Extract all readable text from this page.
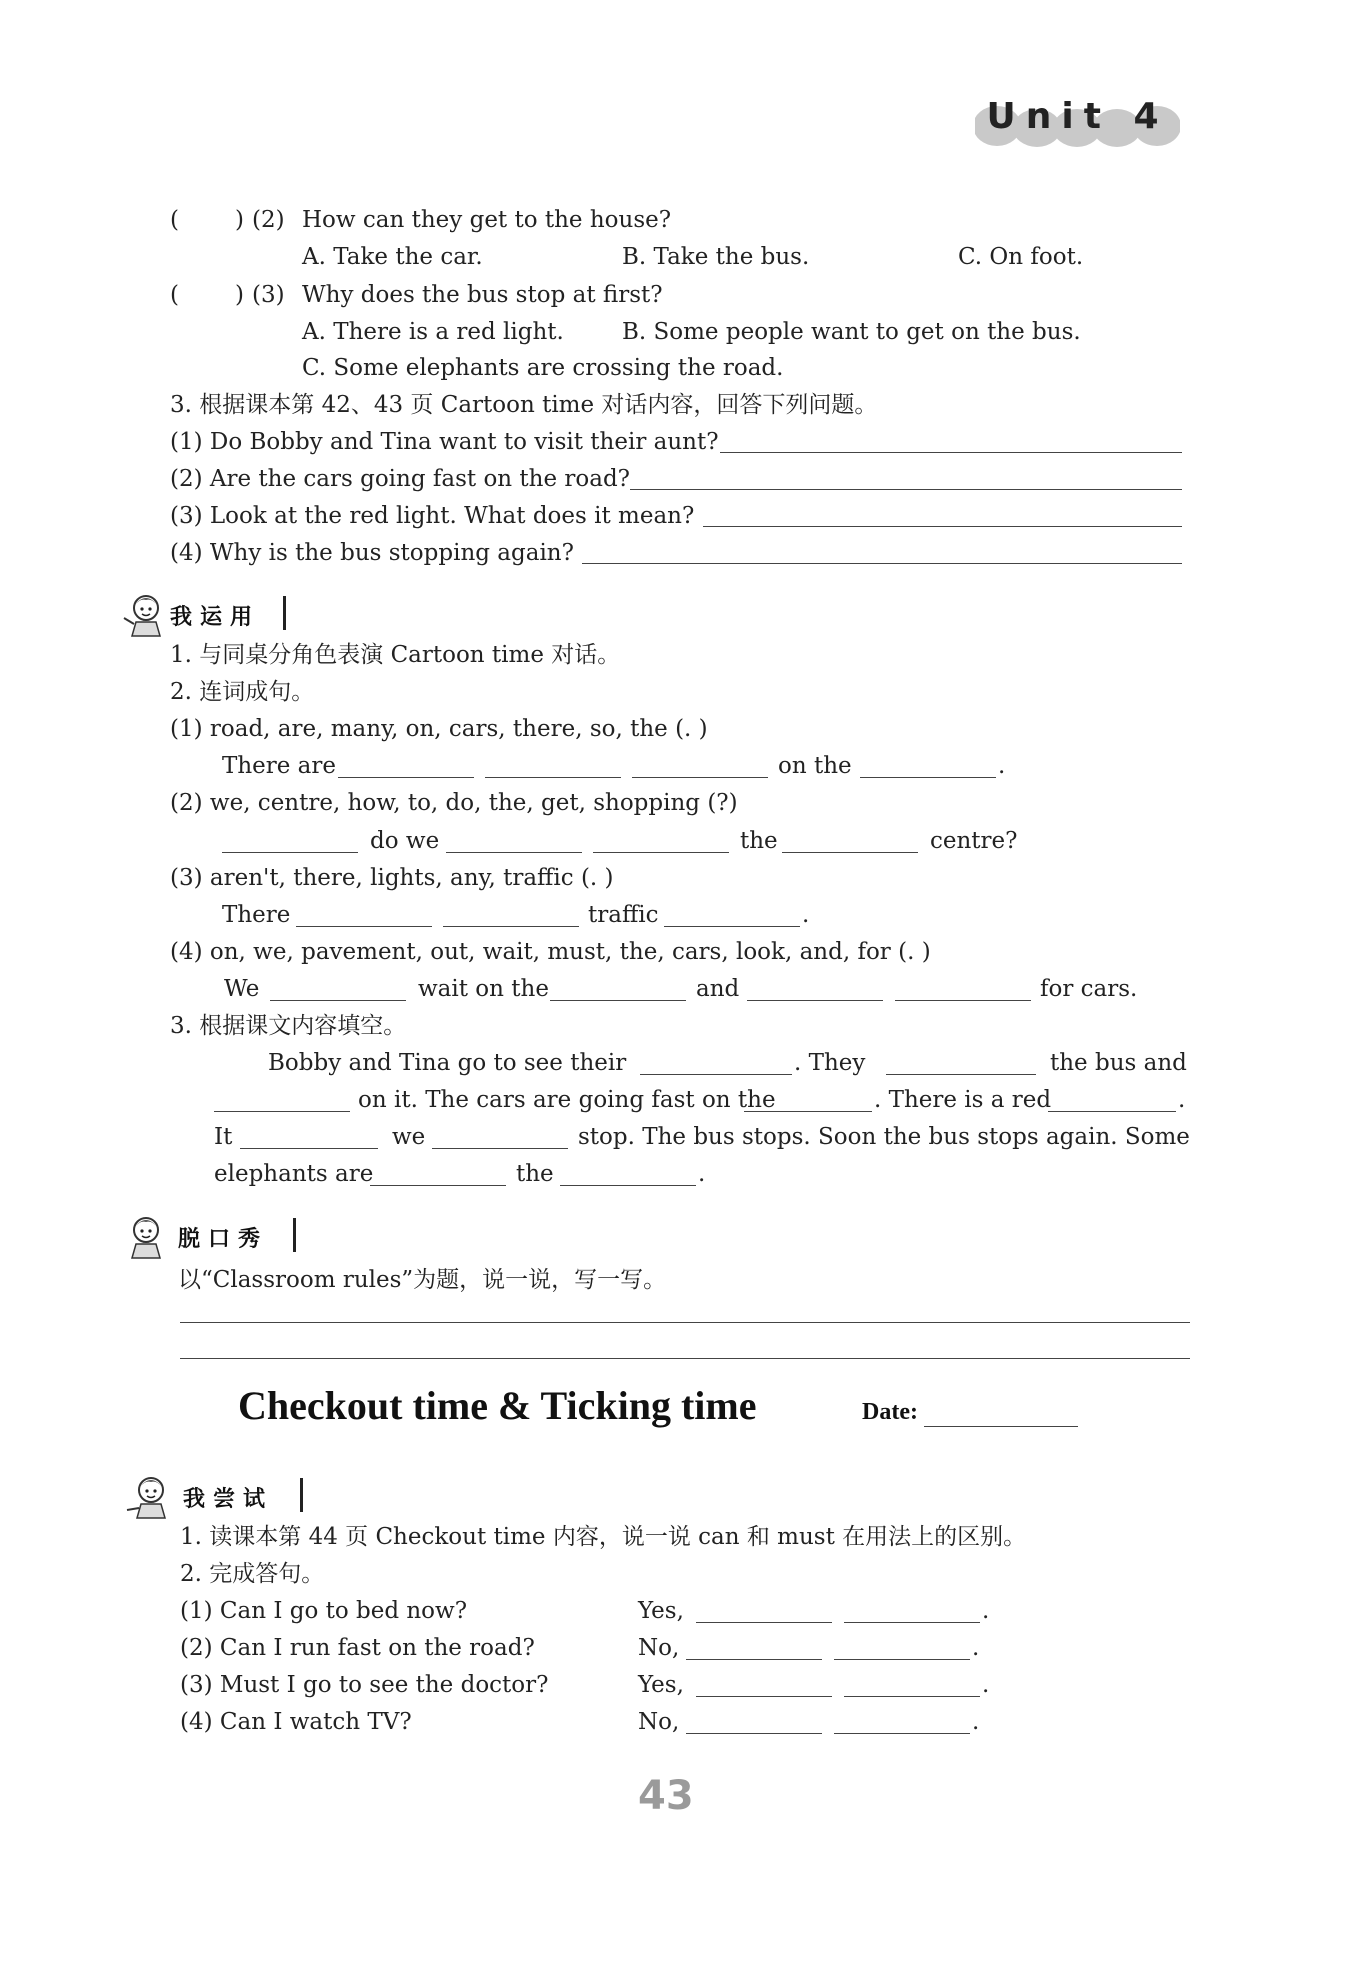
Unit 4
( ) (2) How can they get to the house?
A. Take the car.	B. Take the bus.	C. On foot.
( ) (3) Why does the bus stop at first?
A. There is a red light.	B. Some people want to get on the bus.
C. Some elephants are crossing the road.
3. 根据课本第 42、43 页 Cartoon time 对话内容，回答下列问题。
(1) Do Bobby and Tina want to visit their aunt?
(2) Are the cars going fast on the road?
(3) Look at the red light. What does it mean?
(4) Why is the bus stopping again?
我运用
1. 与同桌分角色表演 Cartoon time 对话。
2. 连词成句。
(1) road, are, many, on, cars, there, so, the (. )
There are	on the	.
(2) we, centre, how, to, do, the, get, shopping (?)
do we	the	centre?
(3) aren't, there, lights, any, traffic (. )
There	traffic	.
(4) on, we, pavement, out, wait, must, the, cars, look, and, for (. )
We	wait on the	and	for cars.
3. 根据课文内容填空。
Bobby and Tina go to see their	. They	the bus and
on it. The cars are going fast on the	. There is a red	.
It	we	stop. The bus stops. Soon the bus stops again. Some
elephants are	the	.
脱口秀
以“Classroom rules”为题，说一说，写一写。
Checkout time & Ticking time	Date:
我尝试
1. 读课本第 44 页 Checkout time 内容，说一说 can 和 must 在用法上的区别。
2. 完成答句。
(1) Can I go to bed now?	Yes,	.
(2) Can I run fast on the road?	No,	.
(3) Must I go to see the doctor?	Yes,	.
(4) Can I watch TV?	No,	.
43
